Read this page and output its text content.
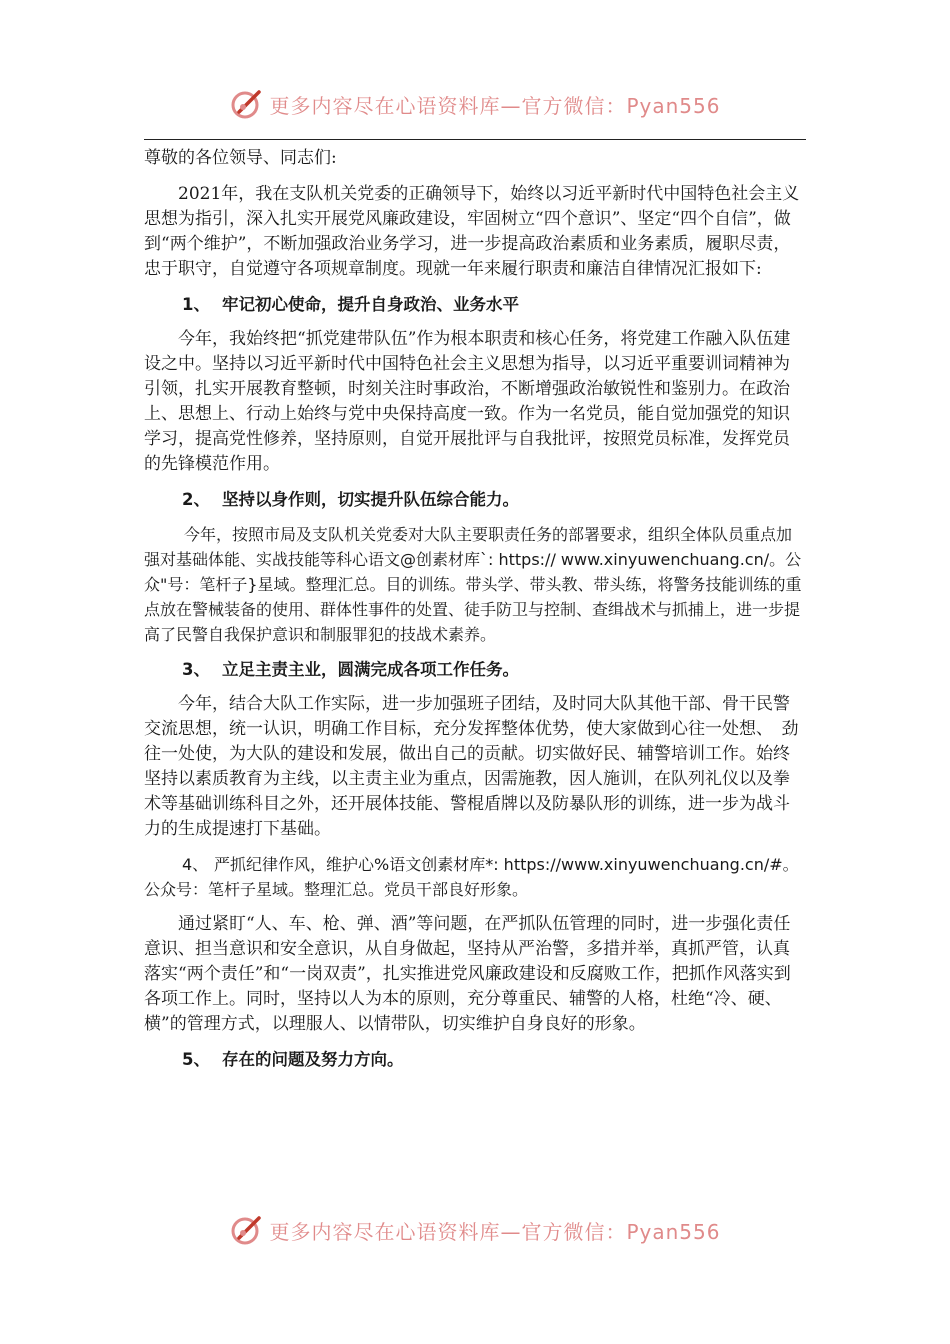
更多内容尽在心语资料库—官方微信：Pyan556

尊敬的各位领导、同志们:

2021年，我在支队机关党委的正确领导下，始终以习近平新时代中国特色社会主义思想为指引，深入扎实开展党风廉政建设，牢固树立“四个意识”、坚定“四个自信”，做到“两个维护”，不断加强政治业务学习，进一步提高政治素质和业务素质，履职尽责，忠于职守，自觉遵守各项规章制度。现就一年来履行职责和廉洁自律情况汇报如下:

1、 牢记初心使命，提升自身政治、业务水平

今年，我始终把“抓党建带队伍”作为根本职责和核心任务，将党建工作融入队伍建设之中。坚持以习近平新时代中国特色社会主义思想为指导，以习近平重要训词精神为引领，扎实开展教育整顿，时刻关注时事政治，不断增强政治敏锐性和鉴别力。在政治上、思想上、行动上始终与党中央保持高度一致。作为一名党员，能自觉加强党的知识学习，提高党性修养，坚持原则，自觉开展批评与自我批评，按照党员标准，发挥党员的先锋模范作用。

2、 坚持以身作则，切实提升队伍综合能力。

今年，按照市局及支队机关党委对大队主要职责任务的部署要求，组织全体队员重点加强对基础体能、实战技能等科心语文@创素材库`: https:// www.xinyuwenchuang.cn/。公众"号：笔杆子}星域。整理汇总。目的训练。带头学、带头教、带头练，将警务技能训练的重点放在警械装备的使用、群体性事件的处置、徒手防卫与控制、查缉战术与抓捕上，进一步提高了民警自我保护意识和制服罪犯的技战术素养。

3、 立足主责主业，圆满完成各项工作任务。

今年，结合大队工作实际，进一步加强班子团结，及时同大队其他干部、骨干民警交流思想，统一认识，明确工作目标，充分发挥整体优势，使大家做到心往一处想、　劲往一处使，为大队的建设和发展，做出自己的贡献。切实做好民、辅警培训工作。始终坚持以素质教育为主线，以主责主业为重点，因需施教，因人施训，在队列礼仪以及拳术等基础训练科目之外，还开展体技能、警棍盾牌以及防暴队形的训练，进一步为战斗力的生成提速打下基础。

4、 严抓纪律作风，维护心%语文创素材库*: https://www.xinyuwenchuang.cn/#。公众号：笔杆子星域。整理汇总。党员干部良好形象。

通过紧盯“人、车、枪、弹、酒”等问题，在严抓队伍管理的同时，进一步强化责任意识、担当意识和安全意识，从自身做起，坚持从严治警，多措并举，真抓严管，认真落实“两个责任”和“一岗双责”，扎实推进党风廉政建设和反腐败工作，把抓作风落实到各项工作上。同时，坚持以人为本的原则，充分尊重民、辅警的人格，杜绝“冷、硬、横”的管理方式，以理服人、以情带队，切实维护自身良好的形象。

5、 存在的问题及努力方向。

更多内容尽在心语资料库—官方微信：Pyan556
